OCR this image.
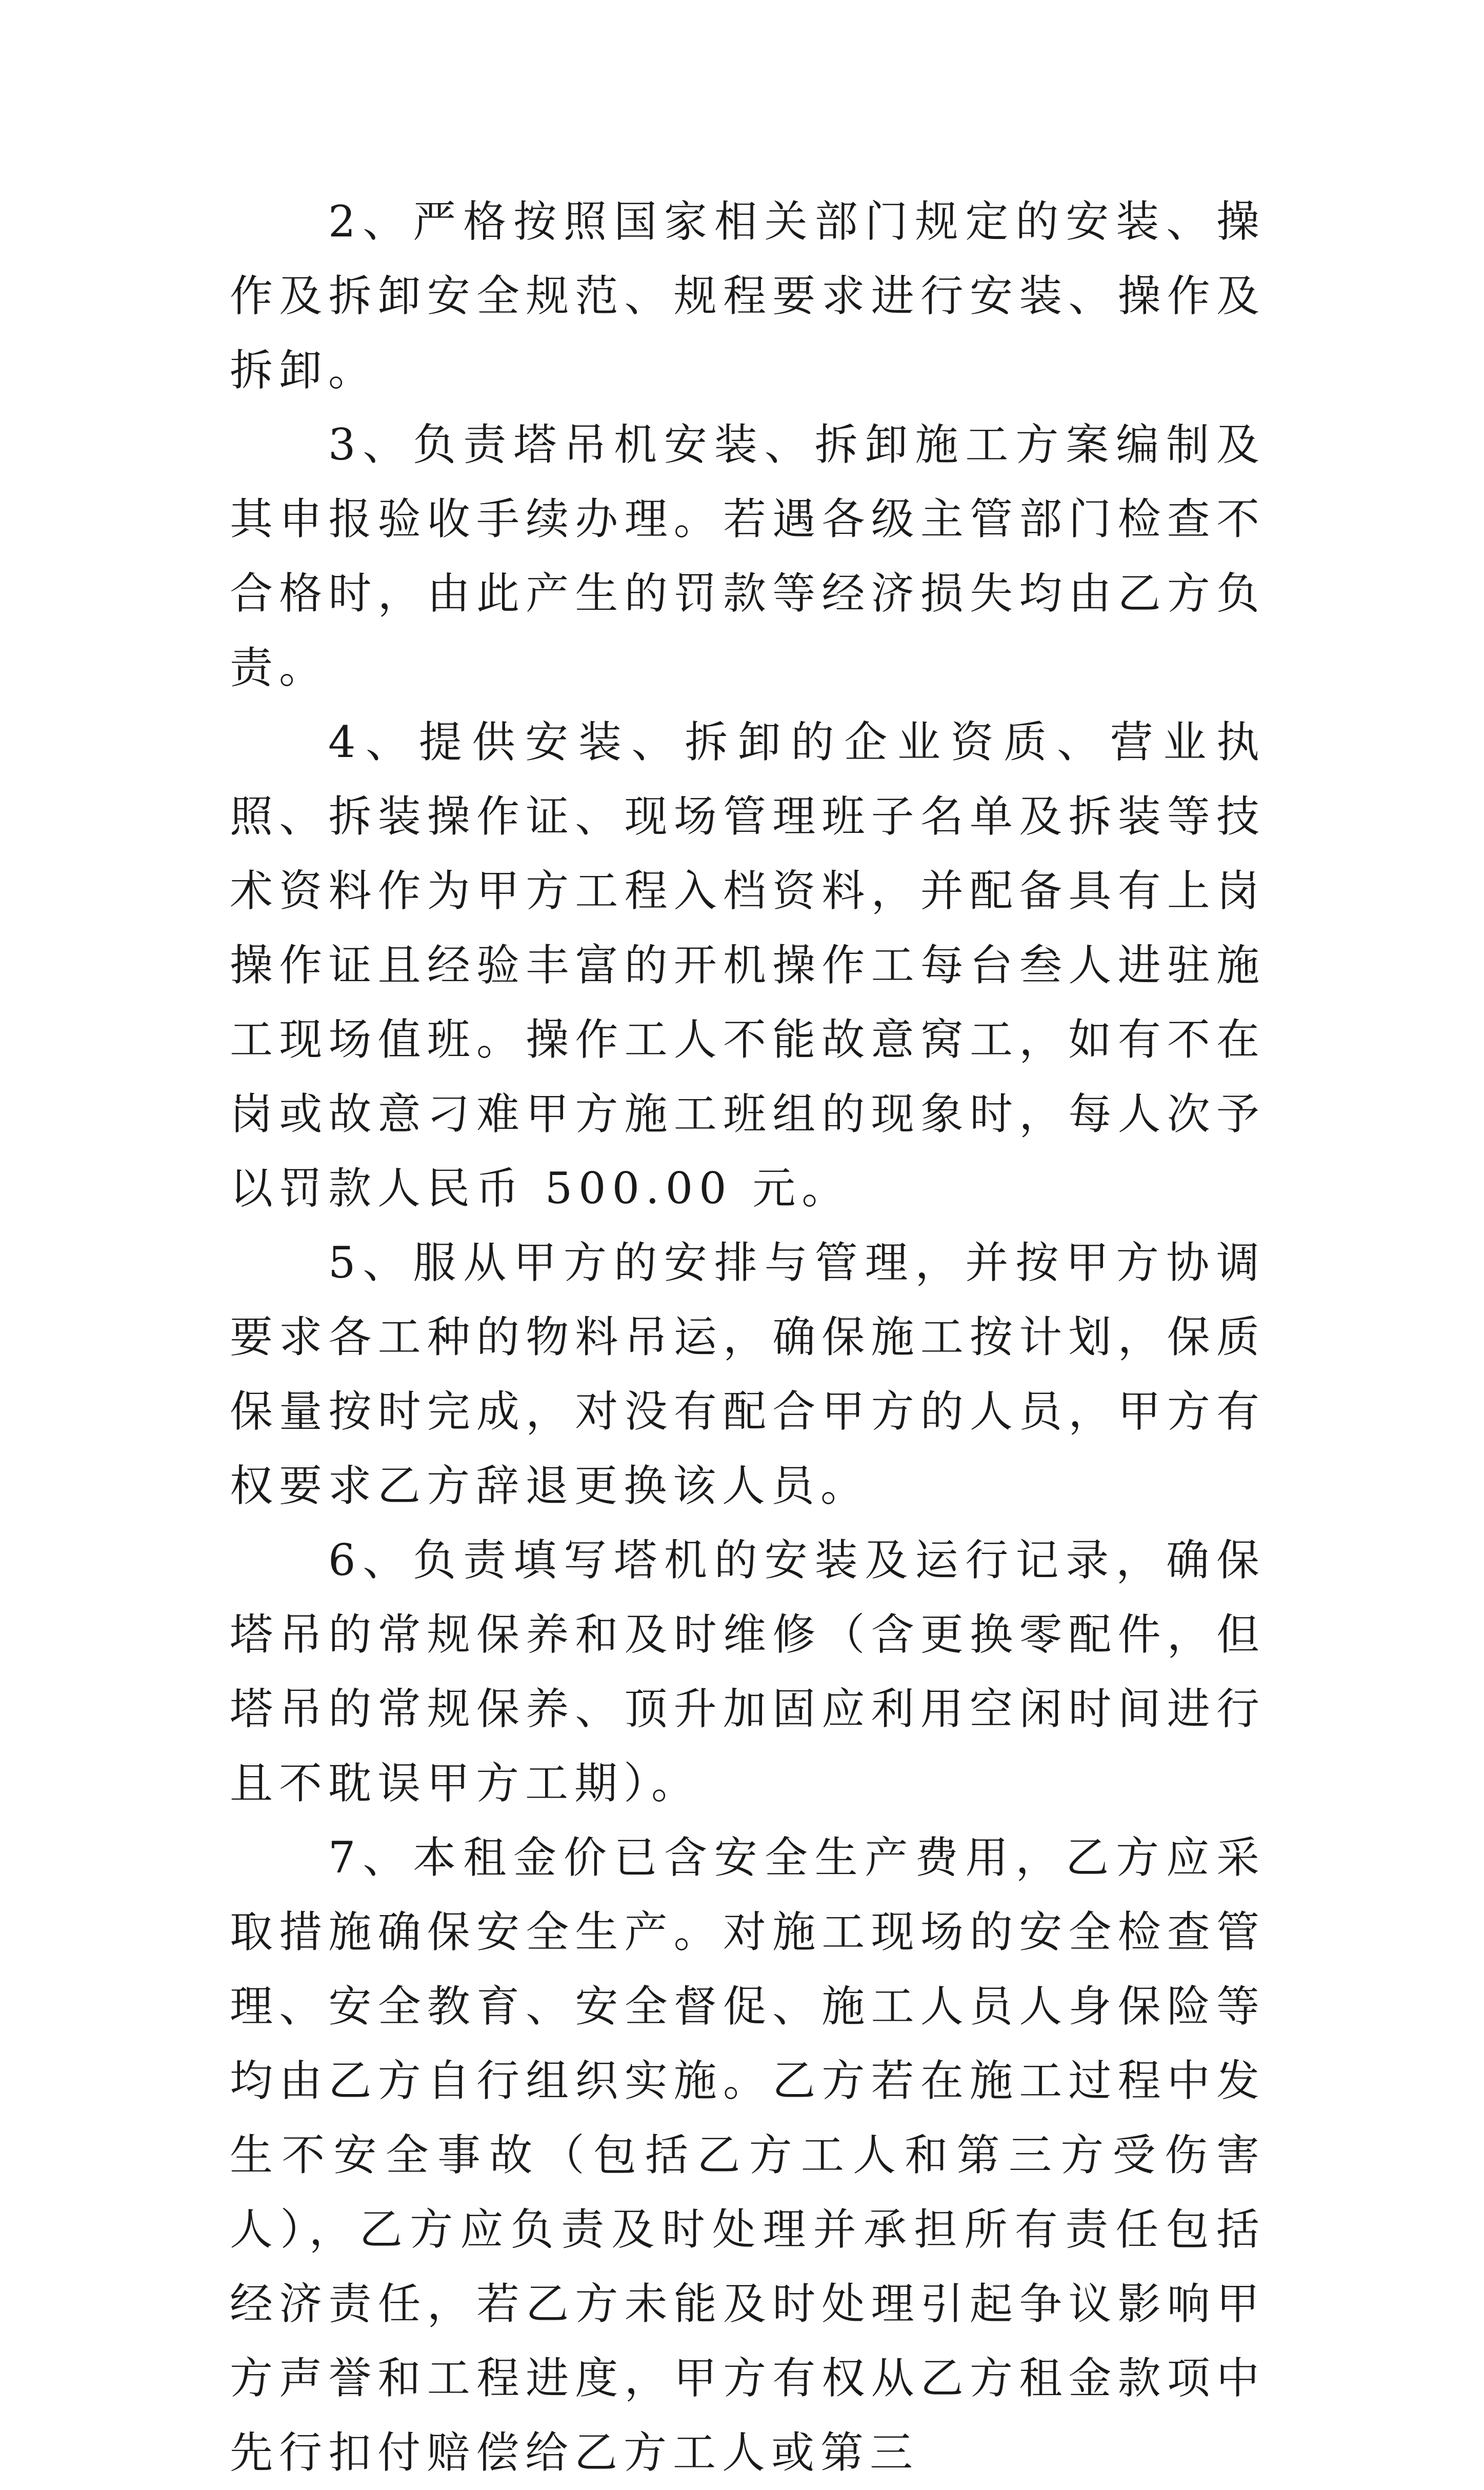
2、严格按照国家相关部门规定的安装、操作及拆卸安全规范、规程要求进行安装、操作及拆卸。

3、负责塔吊机安装、拆卸施工方案编制及其申报验收手续办理。若遇各级主管部门检查不合格时，由此产生的罚款等经济损失均由乙方负责。

4、提供安装、拆卸的企业资质、营业执照、拆装操作证、现场管理班子名单及拆装等技术资料作为甲方工程入档资料，并配备具有上岗操作证且经验丰富的开机操作工每台叁人进驻施工现场值班。操作工人不能故意窝工，如有不在岗或故意刁难甲方施工班组的现象时，每人次予以罚款人民币 500.00 元。

5、服从甲方的安排与管理，并按甲方协调要求各工种的物料吊运，确保施工按计划，保质保量按时完成，对没有配合甲方的人员，甲方有权要求乙方辞退更换该人员。

6、负责填写塔机的安装及运行记录，确保塔吊的常规保养和及时维修（含更换零配件，但塔吊的常规保养、顶升加固应利用空闲时间进行且不耽误甲方工期）。

7、本租金价已含安全生产费用，乙方应采取措施确保安全生产。对施工现场的安全检查管理、安全教育、安全督促、施工人员人身保险等均由乙方自行组织实施。乙方若在施工过程中发生不安全事故（包括乙方工人和第三方受伤害人），乙方应负责及时处理并承担所有责任包括经济责任，若乙方未能及时处理引起争议影响甲方声誉和工程进度，甲方有权从乙方租金款项中先行扣付赔偿给乙方工人或第三
